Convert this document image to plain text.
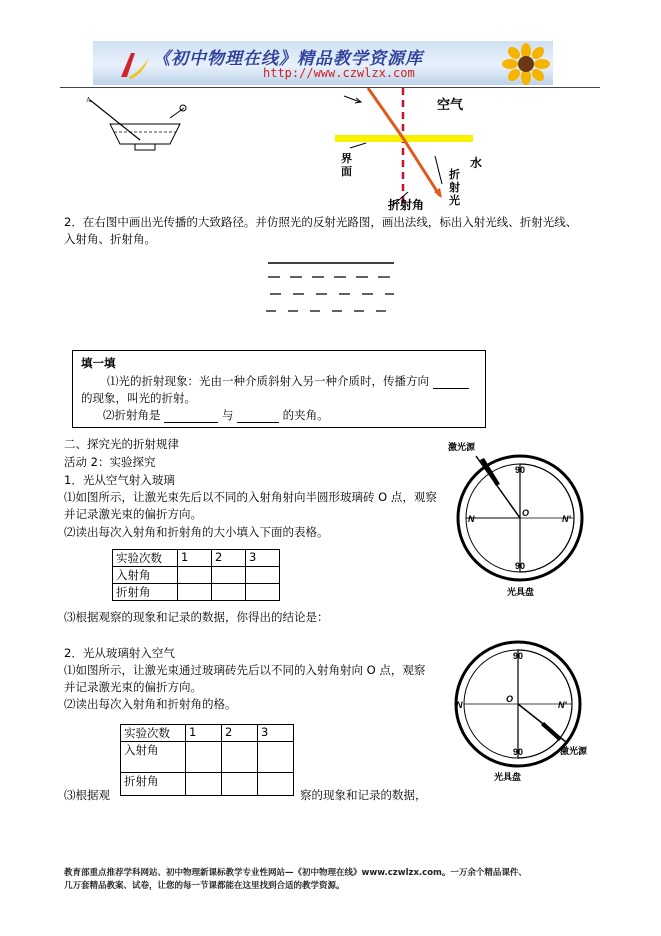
《初中物理在线》精品教学资源库
http://www.czwlzx.com
A	空气
水
界面	折射光
折射角
2．在右图中画出光传播的大致路径。并仿照光的反射光路图，画出法线，标出入射光线、折射光线、
入射角、折射角。
填一填
⑴光的折射现象：光由一种介质斜射入另一种介质时，传播方向
的现象，叫光的折射。
⑵折射角是	与	的夹角。
二、探究光的折射规律
活动 2：实验探究
1．光从空气射入玻璃
⑴如图所示，让激光束先后以不同的入射角射向半圆形玻璃砖 O 点，观察
并记录激光束的偏折方向。
⑵读出每次入射角和折射角的大小填入下面的表格。
实验次数	1	2	3
入射角			
折射角			
⑶根据观察的现象和记录的数据，你得出的结论是：
2．光从玻璃射入空气
⑴如图所示，让激光束通过玻璃砖先后以不同的入射角射向 O 点，观察
并记录激光束的偏折方向。
⑵读出每次入射角和折射角的格。
实验次数	1	2	3
入射角			
折射角			
⑶根据观	察的现象和记录的数据，
N	N'
90
90
O
激光源
光具盘
N	N'
90
90
O
激光源
光具盘
教育部重点推荐学科网站、初中物理新课标教学专业性网站—《初中物理在线》www.czwlzx.com。一万余个精品课件、
几万套精品教案、试卷，让您的每一节课都能在这里找到合适的教学资源。
